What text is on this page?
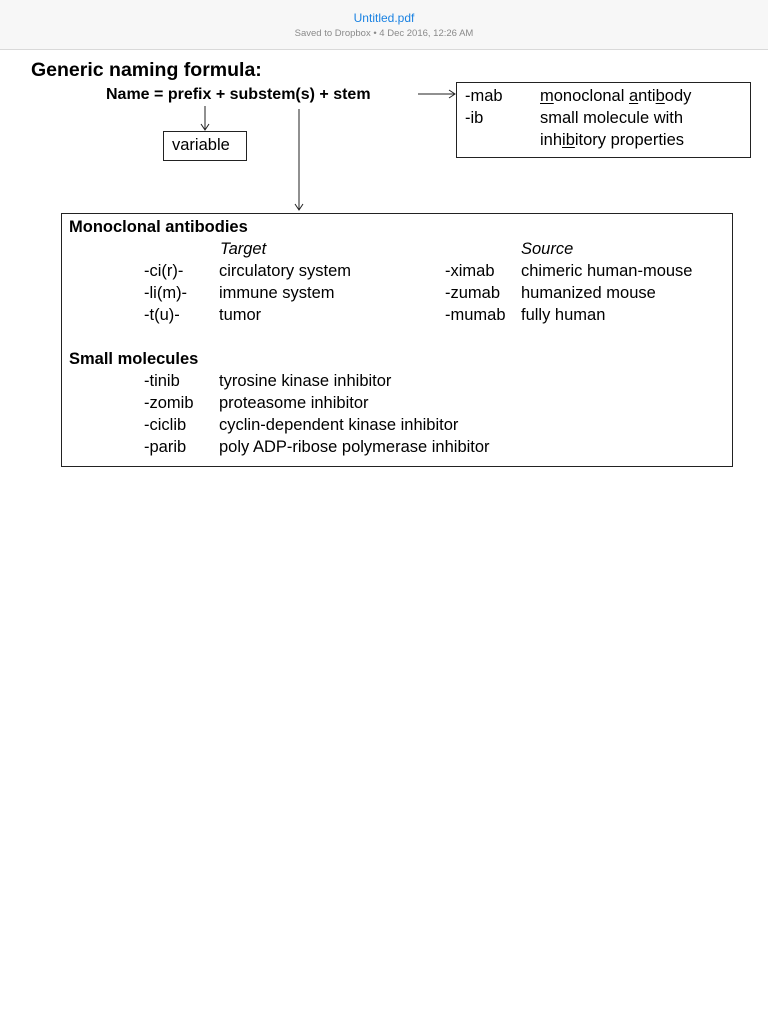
Untitled.pdf
Saved to Dropbox • 4 Dec 2016, 12:26 AM
Generic naming formula:
Name = prefix + substem(s) + stem
variable
-mab monoclonal antibody
-ib	small molecule with
inhibitory properties
Monoclonal antibodies
Target	Source
-ci(r)- circulatory system
-li(m)- immune system
-t(u)- tumor
-ximab chimeric human-mouse
-zumab humanized mouse
-mumab fully human
Small molecules
-tinib tyrosine kinase inhibitor
-zomib proteasome inhibitor
-ciclib cyclin-dependent kinase inhibitor
-parib poly ADP-ribose polymerase inhibitor
